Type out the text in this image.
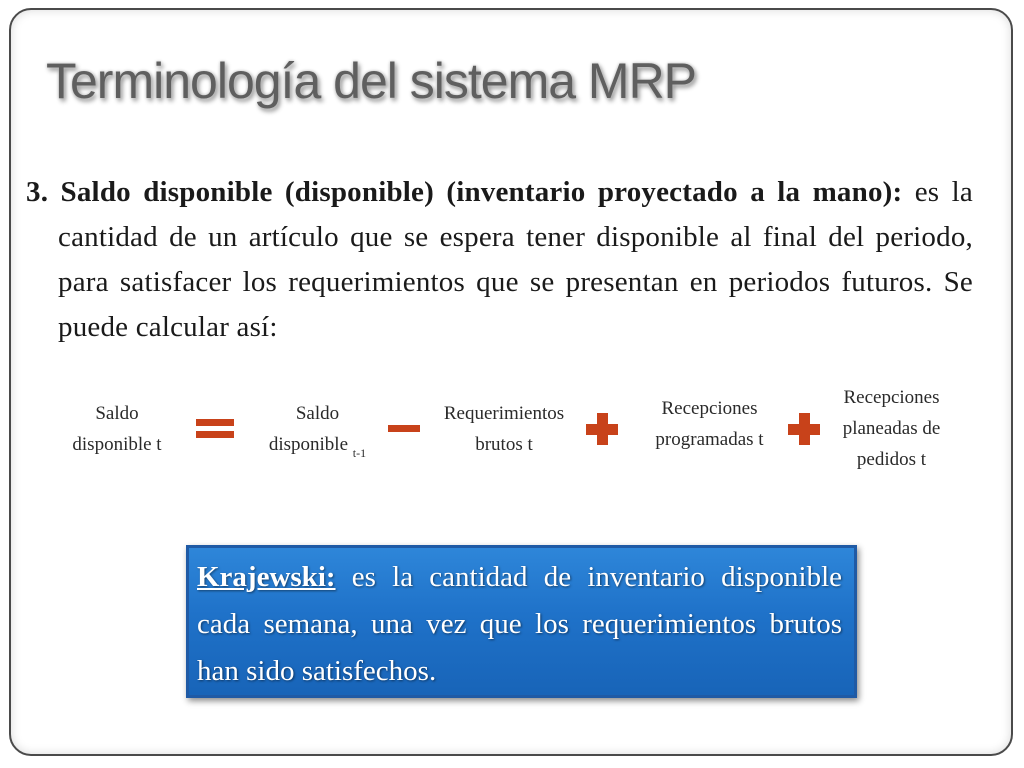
Terminología del sistema MRP
3. Saldo disponible (disponible) (inventario proyectado a la mano): es la cantidad de un artículo que se espera tener disponible al final del periodo, para satisfacer los requerimientos que se presentan en periodos futuros. Se puede calcular así:
Saldo
disponible t
Saldo
disponible $_{t-1}$
Requerimientos
brutos t
Recepciones
programadas t
Recepciones
planeadas de
pedidos t
Krajewski: es la cantidad de inventario disponible cada semana, una vez que los requerimientos brutos han sido satisfechos.
